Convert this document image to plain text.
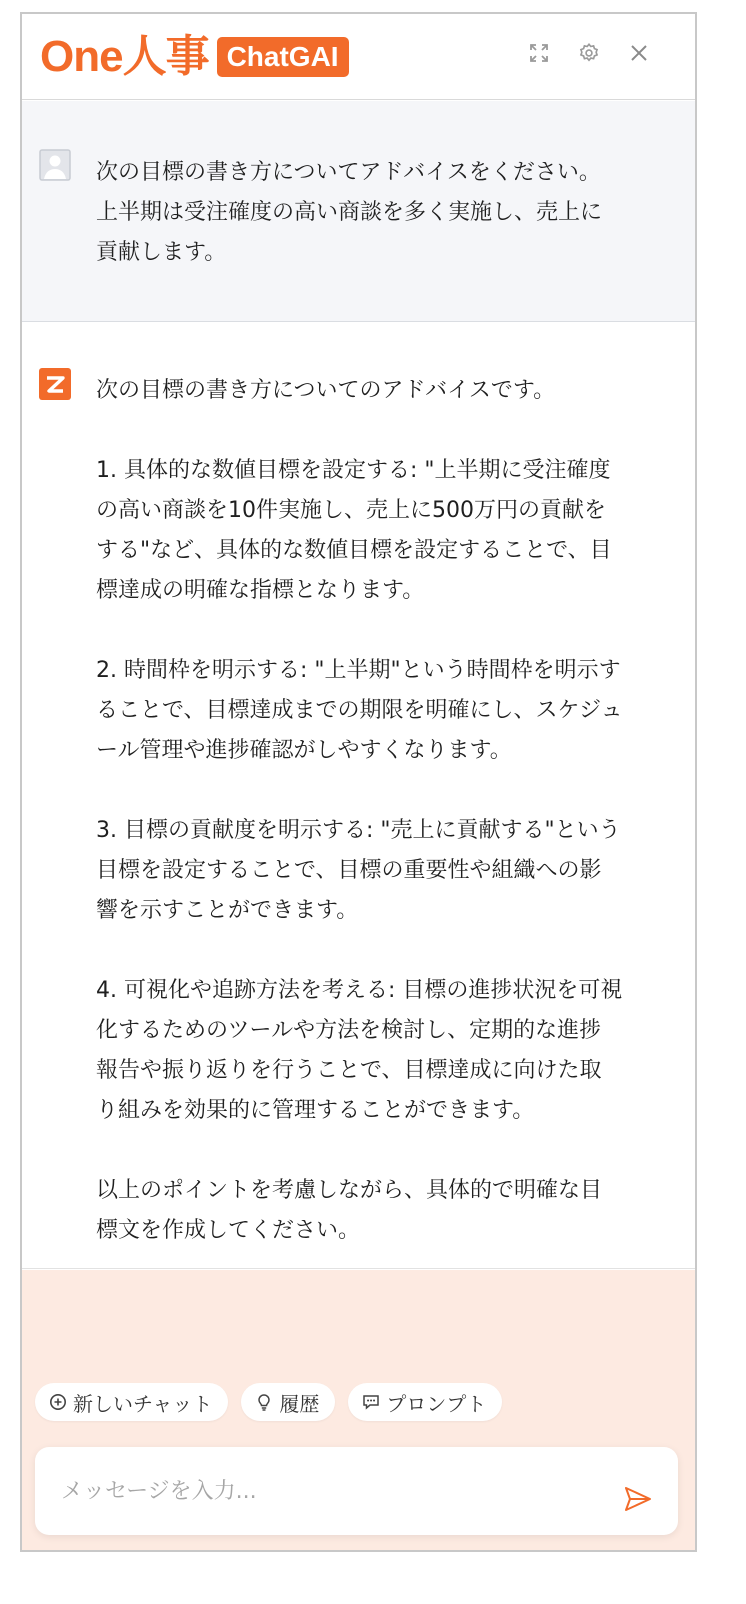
One人事 ChatGAI
次の目標の書き方についてアドバイスをください。
上半期は受注確度の高い商談を多く実施し、売上に
貢献します。
次の目標の書き方についてのアドバイスです。

1. 具体的な数値目標を設定する: "上半期に受注確度
の高い商談を10件実施し、売上に500万円の貢献を
する"など、具体的な数値目標を設定することで、目
標達成の明確な指標となります。

2. 時間枠を明示する: "上半期"という時間枠を明示す
ることで、目標達成までの期限を明確にし、スケジュ
ール管理や進捗確認がしやすくなります。

3. 目標の貢献度を明示する: "売上に貢献する"という
目標を設定することで、目標の重要性や組織への影
響を示すことができます。

4. 可視化や追跡方法を考える: 目標の進捗状況を可視
化するためのツールや方法を検討し、定期的な進捗
報告や振り返りを行うことで、目標達成に向けた取
り組みを効果的に管理することができます。

以上のポイントを考慮しながら、具体的で明確な目
標文を作成してください。
新しいチャット	履歴	プロンプト
メッセージを入力...
